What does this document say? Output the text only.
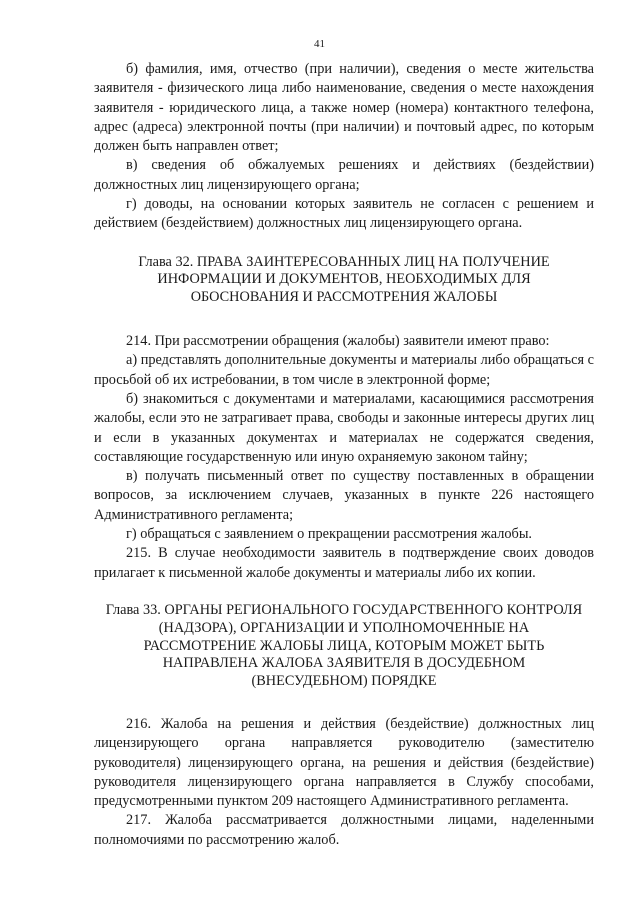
41

б) фамилия, имя, отчество (при наличии), сведения о месте жительства заявителя - физического лица либо наименование, сведения о месте нахождения заявителя - юридического лица, а также номер (номера) контактного телефона, адрес (адреса) электронной почты (при наличии) и почтовый адрес, по которым должен быть направлен ответ;

в) сведения об обжалуемых решениях и действиях (бездействии) должностных лиц лицензирующего органа;

г) доводы, на основании которых заявитель не согласен с решением и действием (бездействием) должностных лиц лицензирующего органа.

Глава 32. ПРАВА ЗАИНТЕРЕСОВАННЫХ ЛИЦ НА ПОЛУЧЕНИЕ ИНФОРМАЦИИ И ДОКУМЕНТОВ, НЕОБХОДИМЫХ ДЛЯ ОБОСНОВАНИЯ И РАССМОТРЕНИЯ ЖАЛОБЫ

214. При рассмотрении обращения (жалобы) заявители имеют право:

а) представлять дополнительные документы и материалы либо обращаться с просьбой об их истребовании, в том числе в электронной форме;

б) знакомиться с документами и материалами, касающимися рассмотрения жалобы, если это не затрагивает права, свободы и законные интересы других лиц и если в указанных документах и материалах не содержатся сведения, составляющие государственную или иную охраняемую законом тайну;

в) получать письменный ответ по существу поставленных в обращении вопросов, за исключением случаев, указанных в пункте 226 настоящего Административного регламента;

г) обращаться с заявлением о прекращении рассмотрения жалобы.

215. В случае необходимости заявитель в подтверждение своих доводов прилагает к письменной жалобе документы и материалы либо их копии.

Глава 33. ОРГАНЫ РЕГИОНАЛЬНОГО ГОСУДАРСТВЕННОГО КОНТРОЛЯ (НАДЗОРА), ОРГАНИЗАЦИИ И УПОЛНОМОЧЕННЫЕ НА РАССМОТРЕНИЕ ЖАЛОБЫ ЛИЦА, КОТОРЫМ МОЖЕТ БЫТЬ НАПРАВЛЕНА ЖАЛОБА ЗАЯВИТЕЛЯ В ДОСУДЕБНОМ (ВНЕСУДЕБНОМ) ПОРЯДКЕ

216. Жалоба на решения и действия (бездействие) должностных лиц лицензирующего органа направляется руководителю (заместителю руководителя) лицензирующего органа, на решения и действия (бездействие) руководителя лицензирующего органа направляется в Службу способами, предусмотренными пунктом 209 настоящего Административного регламента.

217. Жалоба рассматривается должностными лицами, наделенными полномочиями по рассмотрению жалоб.
